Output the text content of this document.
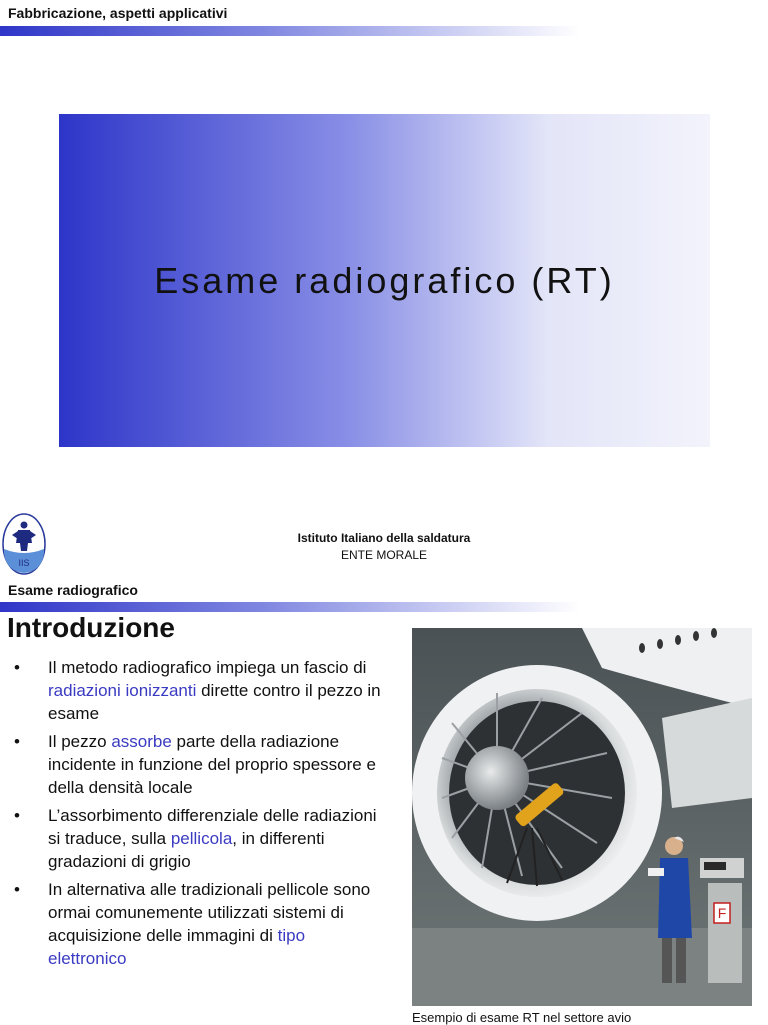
Fabbricazione, aspetti applicativi
Esame radiografico (RT)
IIS
Istituto Italiano della saldatura
ENTE MORALE
Esame radiografico
Introduzione
• Il metodo radiografico impiega un fascio di radiazioni ionizzanti dirette contro il pezzo in esame
• Il pezzo assorbe parte della radiazione incidente in funzione del proprio spessore e della densità locale
• L’assorbimento differenziale delle radiazioni si traduce, sulla pellicola, in differenti gradazioni di grigio
• In alternativa alle tradizionali pellicole sono ormai comunemente utilizzati sistemi di acquisizione delle immagini di tipo elettronico
F
Esempio di esame RT nel settore avio
